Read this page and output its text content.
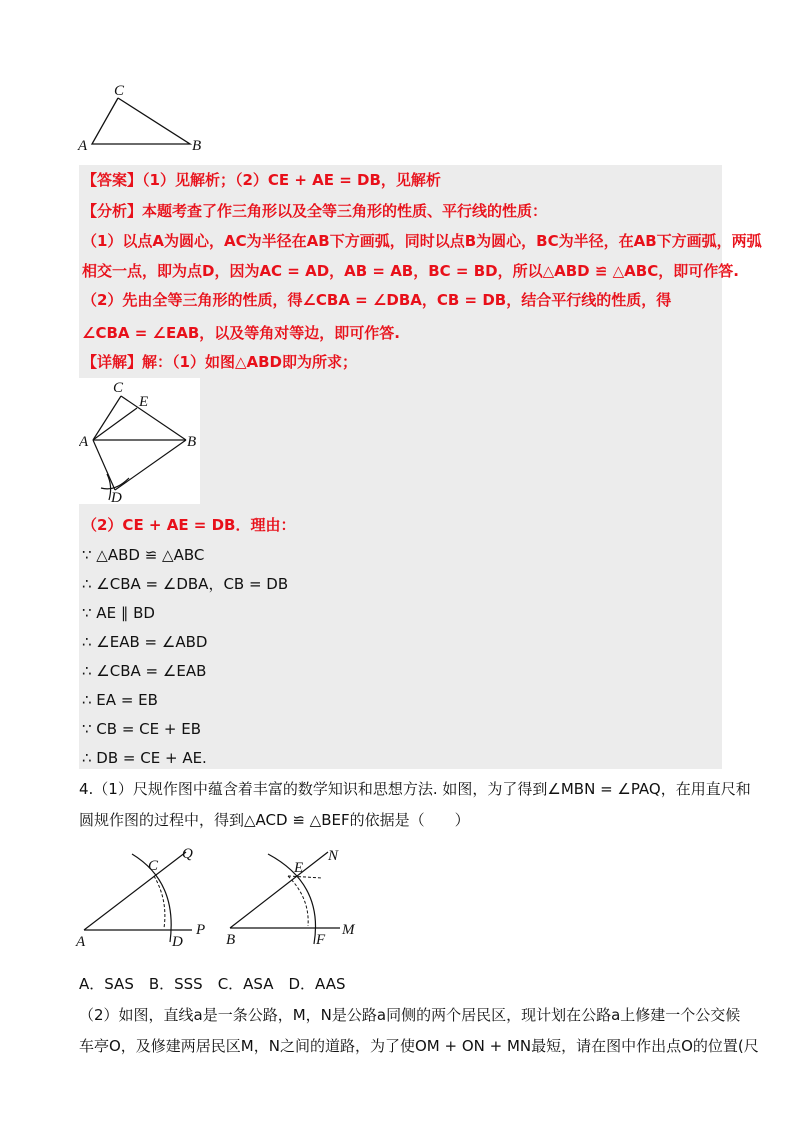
C
A	B
【答案】（1）见解析；（2）CE + AE = DB，见解析
【分析】本题考查了作三角形以及全等三角形的性质、平行线的性质：
（1）以点A为圆心，AC为半径在AB下方画弧，同时以点B为圆心，BC为半径，在AB下方画弧，两弧
相交一点，即为点D，因为AC = AD，AB = AB，BC = BD，所以△ABD ≌ △ABC，即可作答.
（2）先由全等三角形的性质，得∠CBA = ∠DBA，CB = DB，结合平行线的性质，得
∠CBA = ∠EAB，以及等角对等边，即可作答.
【详解】解：（1）如图△ABD即为所求；
C
E
A	B
D
（2）CE + AE = DB．理由：
∵ △ABD ≌ △ABC
∴ ∠CBA = ∠DBA，CB = DB
∵ AE ∥ BD
∴ ∠EAB = ∠ABD
∴ ∠CBA = ∠EAB
∴ EA = EB
∵ CB = CE + EB
∴ DB = CE + AE.
4.（1）尺规作图中蕴含着丰富的数学知识和思想方法. 如图，为了得到∠MBN = ∠PAQ，在用直尺和
圆规作图的过程中，得到△ACD ≌ △BEF的依据是（　　）
C
Q
A	D
P
E
N
B	F
M
A．SAS　B．SSS　C．ASA　D．AAS
（2）如图，直线a是一条公路，M，N是公路a同侧的两个居民区，现计划在公路a上修建一个公交候
车亭O，及修建两居民区M，N之间的道路，为了使OM + ON + MN最短，请在图中作出点O的位置(尺
